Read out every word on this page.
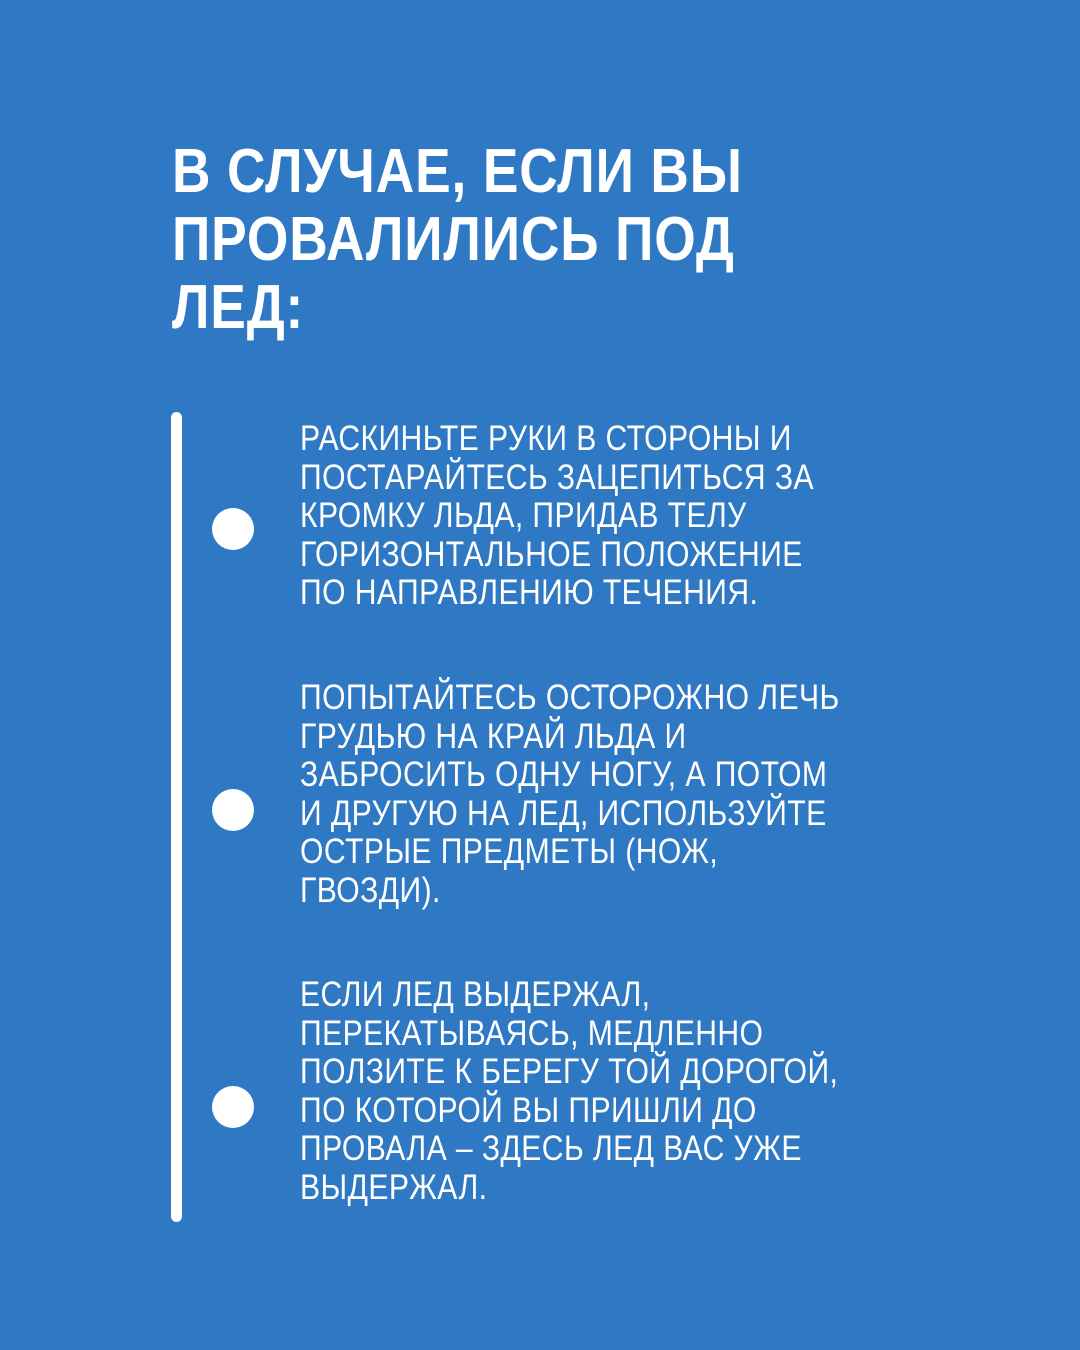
В СЛУЧАЕ, ЕСЛИ ВЫ
ПРОВАЛИЛИСЬ ПОД
ЛЕД:

РАСКИНЬТЕ РУКИ В СТОРОНЫ И
ПОСТАРАЙТЕСЬ ЗАЦЕПИТЬСЯ ЗА
КРОМКУ ЛЬДА, ПРИДАВ ТЕЛУ
ГОРИЗОНТАЛЬНОЕ ПОЛОЖЕНИЕ
ПО НАПРАВЛЕНИЮ ТЕЧЕНИЯ.

ПОПЫТАЙТЕСЬ ОСТОРОЖНО ЛЕЧЬ
ГРУДЬЮ НА КРАЙ ЛЬДА И
ЗАБРОСИТЬ ОДНУ НОГУ, А ПОТОМ
И ДРУГУЮ НА ЛЕД, ИСПОЛЬЗУЙТЕ
ОСТРЫЕ ПРЕДМЕТЫ (НОЖ,
ГВОЗДИ).

ЕСЛИ ЛЕД ВЫДЕРЖАЛ,
ПЕРЕКАТЫВАЯСЬ, МЕДЛЕННО
ПОЛЗИТЕ К БЕРЕГУ ТОЙ ДОРОГОЙ,
ПО КОТОРОЙ ВЫ ПРИШЛИ ДО
ПРОВАЛА – ЗДЕСЬ ЛЕД ВАС УЖЕ
ВЫДЕРЖАЛ.
